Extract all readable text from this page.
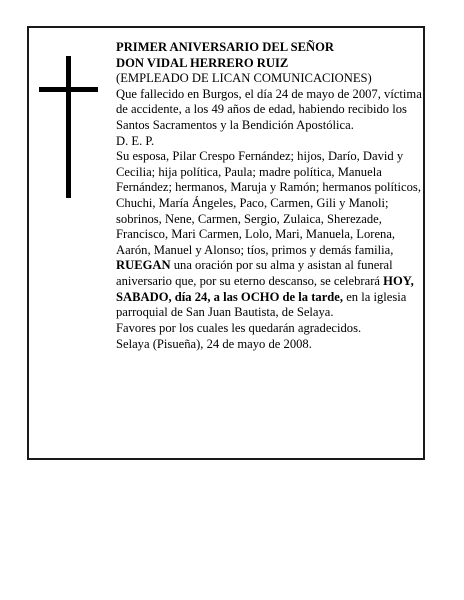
PRIMER ANIVERSARIO DEL SEÑOR

DON VIDAL HERRERO RUIZ

(EMPLEADO DE LICAN COMUNICACIONES)

Que fallecido en Burgos, el día 24 de mayo de 2007, víctima de accidente, a los 49 años de edad, habiendo recibido los Santos Sacramentos y la Bendición Apostólica.

D. E. P.

Su esposa, Pilar Crespo Fernández; hijos, Darío, David y Cecilia; hija política, Paula; madre política, Manuela Fernández; hermanos, Maruja y Ramón; hermanos políticos, Chuchi, María Ángeles, Paco, Carmen, Gili y Manoli; sobrinos, Nene, Carmen, Sergio, Zulaica, Sherezade, Francisco, Mari Carmen, Lolo, Mari, Manuela, Lorena, Aarón, Manuel y Alonso; tíos, primos y demás familia,

RUEGAN una oración por su alma y asistan al funeral aniversario que, por su eterno descanso, se celebrará HOY, SABADO, día 24, a las OCHO de la tarde, en la iglesia parroquial de San Juan Bautista, de Selaya.

Favores por los cuales les quedarán agradecidos.

Selaya (Pisueña), 24 de mayo de 2008.
